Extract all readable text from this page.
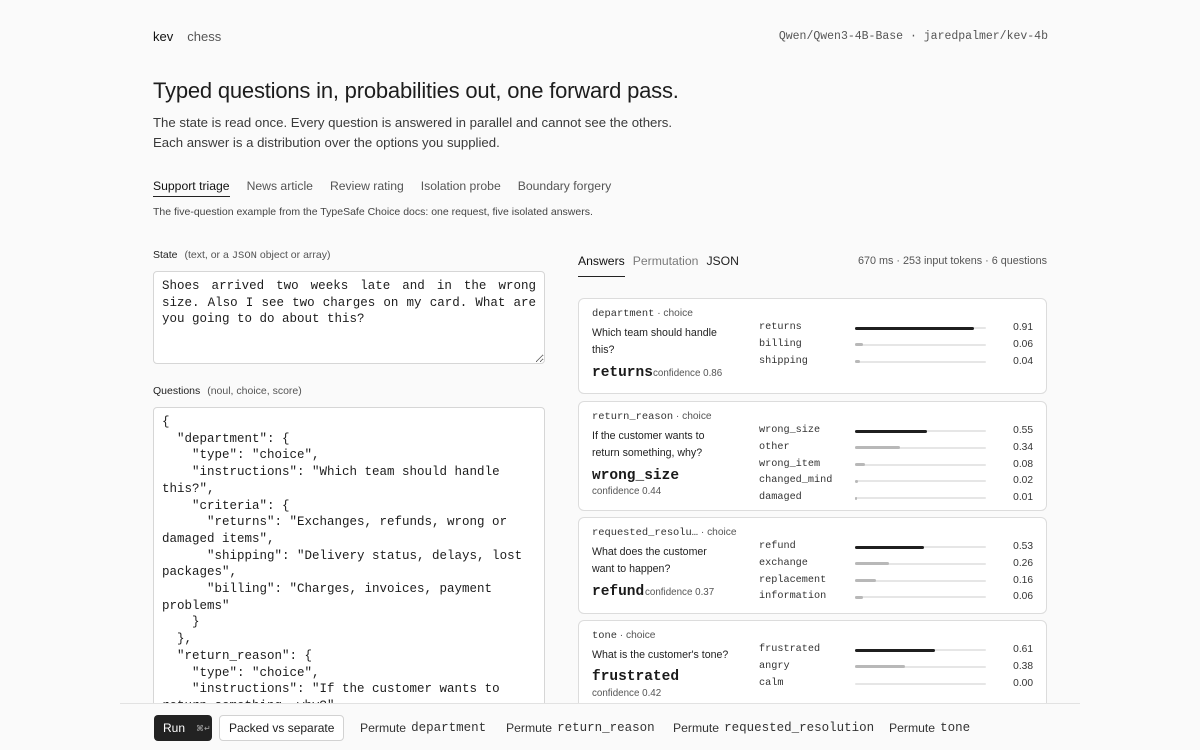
kev chess	Qwen/Qwen3-4B-Base · jaredpalmer/kev-4b
Typed questions in, probabilities out, one forward pass.
The state is read once. Every question is answered in parallel and cannot see the others. Each answer is a distribution over the options you supplied.
Support triage News article Review rating Isolation probe Boundary forgery
The five-question example from the TypeSafe Choice docs: one request, five isolated answers.
State (text, or a JSON object or array)
Shoes arrived two weeks late and in the wrong size. Also I see two charges on my card. What are you going to do about this?
Questions (noul, choice, score)
{ "department": { "type": "choice", "instructions": "Which team should handle this?", "criteria": { "returns": "Exchanges, refunds, wrong or damaged items", "shipping": "Delivery status, delays, lost packages", "billing": "Charges, invoices, payment problems" } }, "return_reason": { "type": "choice", "instructions": "If the customer wants to return something, why?", "criteria": {
Answers Permutation JSON	670 ms · 253 input tokens · 6 questions
department · choice
Which team should handle this?
returns confidence 0.86
returns	0.91
billing	0.06
shipping	0.04
return_reason · choice
If the customer wants to return something, why?
wrong_size
confidence 0.44
wrong_size	0.55
other	0.34
wrong_item	0.08
changed_mind	0.02
damaged	0.01
requested_resolu… · choice
What does the customer want to happen?
refund confidence 0.37
refund	0.53
exchange	0.26
replacement	0.16
information	0.06
tone · choice
What is the customer's tone?
frustrated
confidence 0.42
frustrated	0.61
angry	0.38
calm	0.00
Run ⌘↵	Packed vs separate	Permute department Permute return_reason Permute requested_resolution Permute tone
